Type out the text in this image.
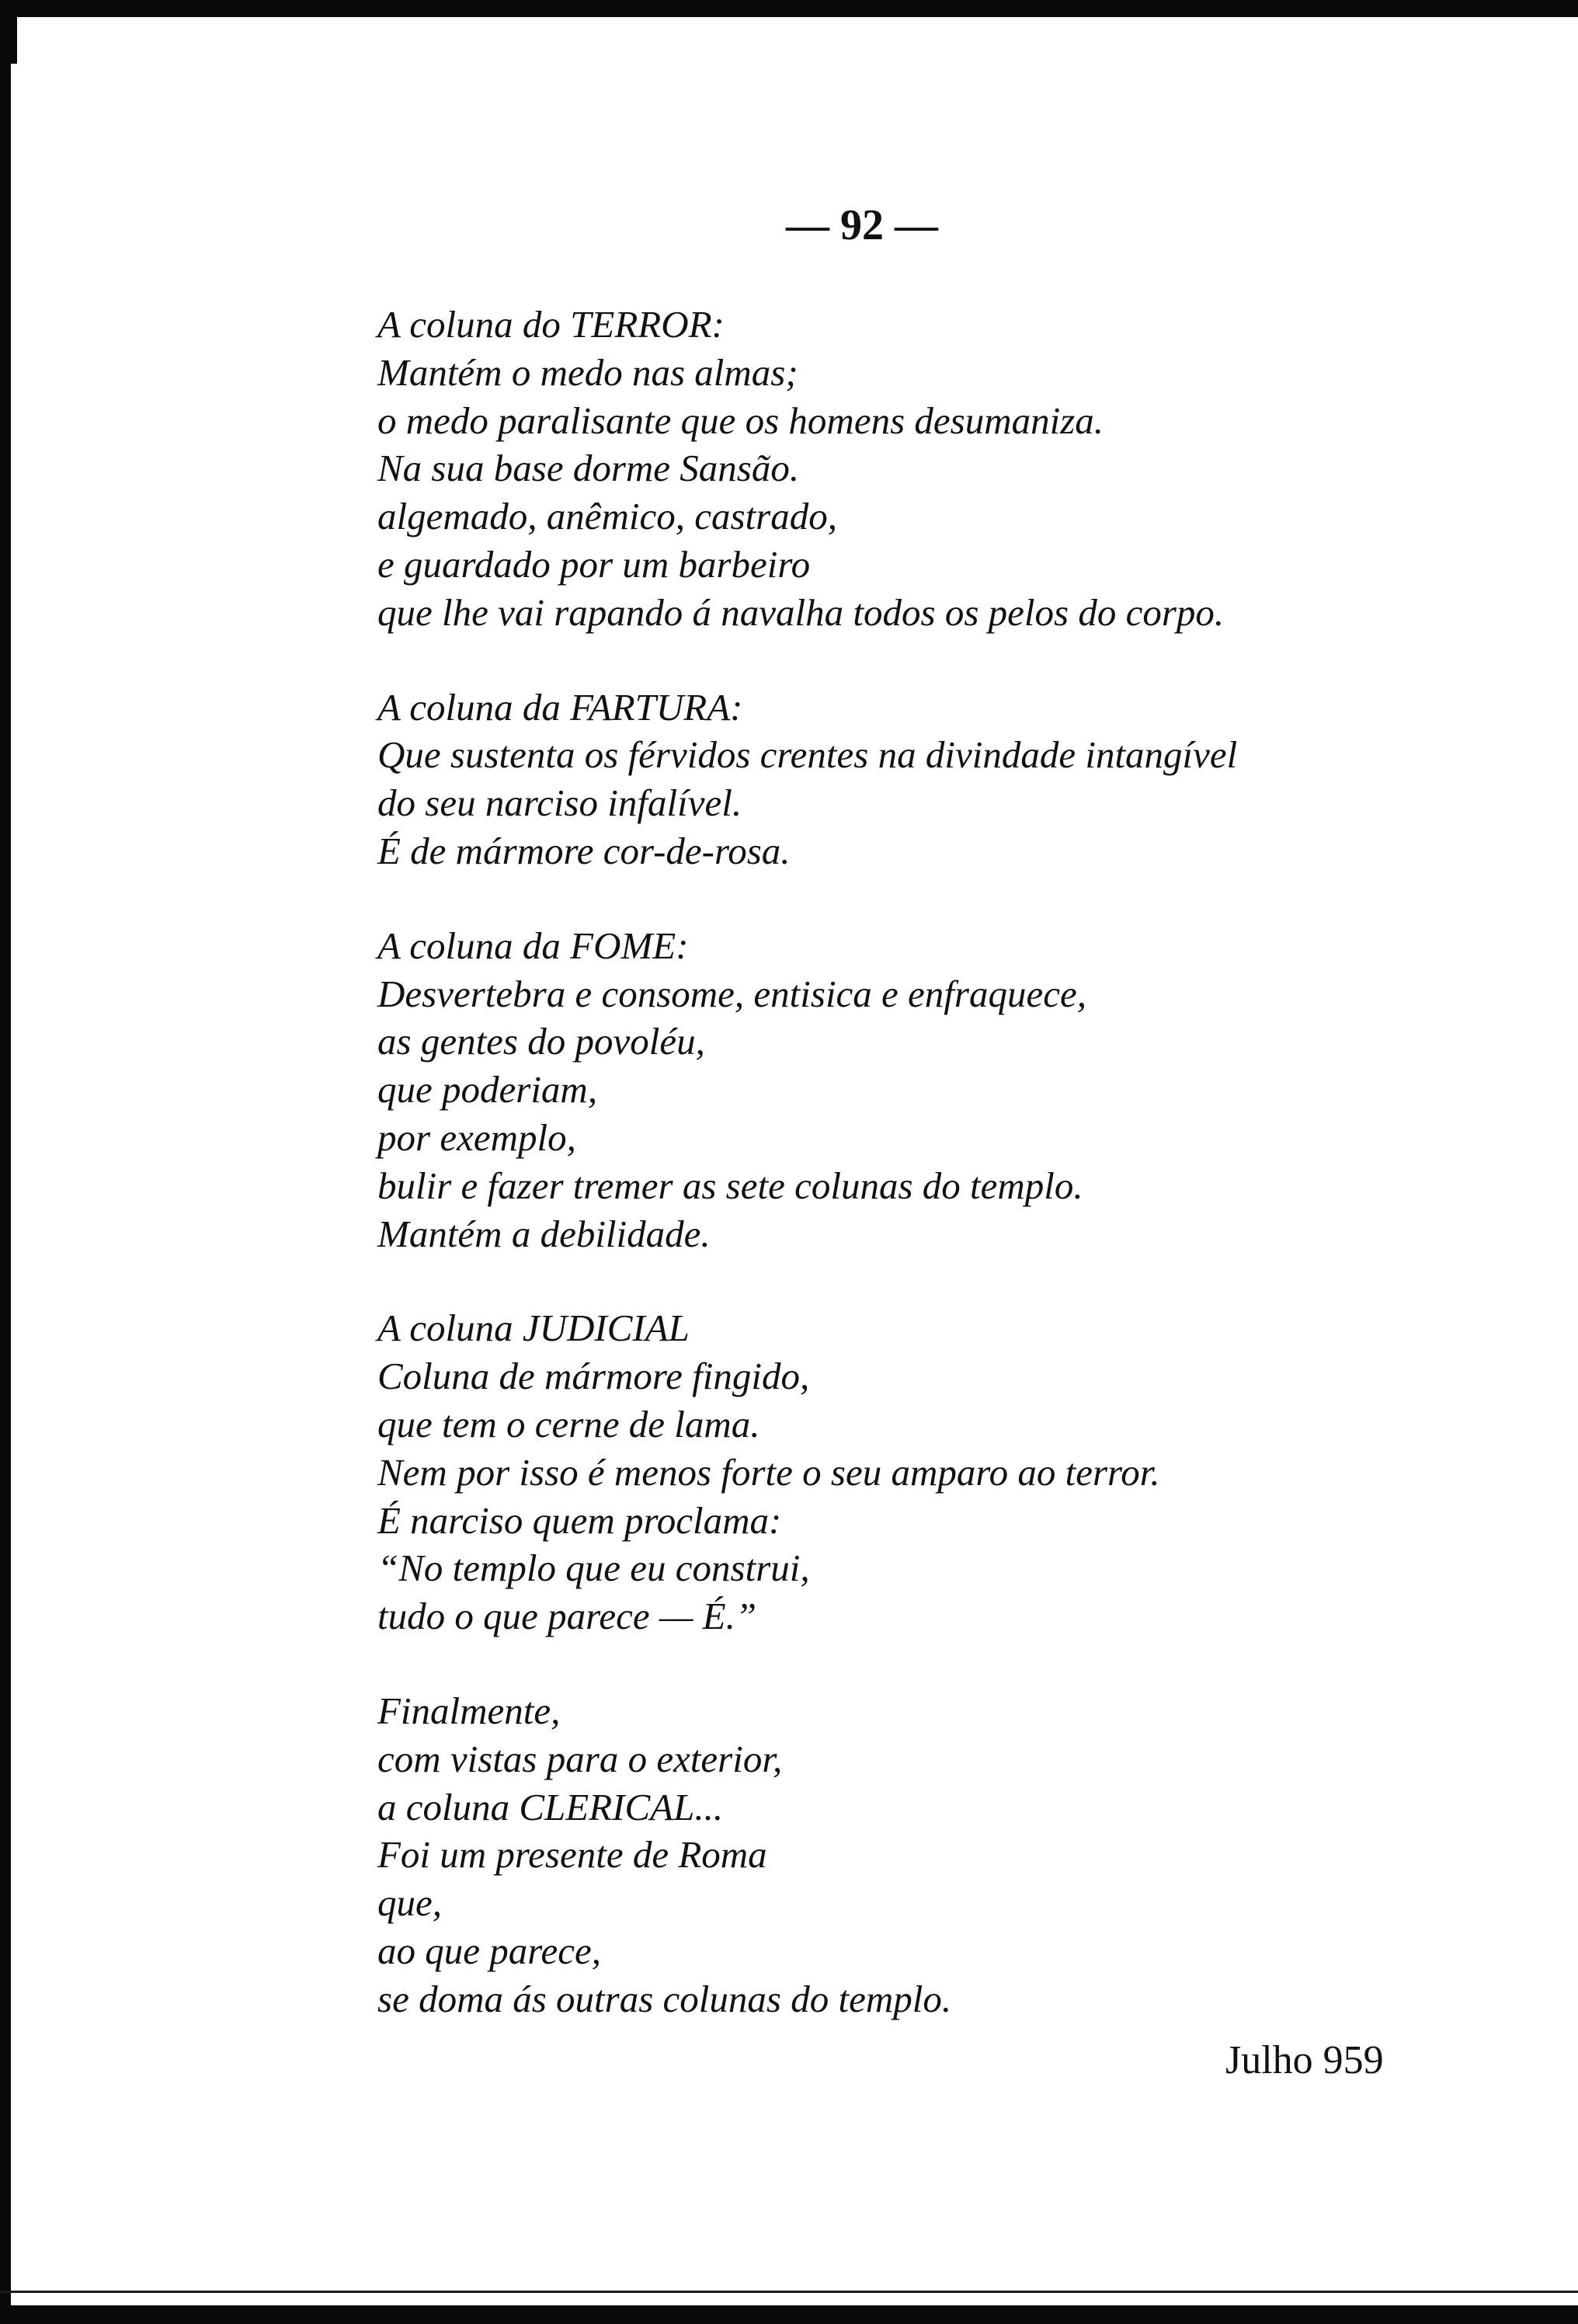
— 92 —
A coluna do TERROR:
Mantém o medo nas almas;
o medo paralisante que os homens desumaniza.
Na sua base dorme Sansão.
algemado, anêmico, castrado,
e guardado por um barbeiro
que lhe vai rapando á navalha todos os pelos do corpo.
A coluna da FARTURA:
Que sustenta os férvidos crentes na divindade intangível
do seu narciso infalível.
É de mármore cor-de-rosa.
A coluna da FOME:
Desvertebra e consome, entisica e enfraquece,
as gentes do povoléu,
que poderiam,
por exemplo,
bulir e fazer tremer as sete colunas do templo.
Mantém a debilidade.
A coluna JUDICIAL
Coluna de mármore fingido,
que tem o cerne de lama.
Nem por isso é menos forte o seu amparo ao terror.
É narciso quem proclama:
“No templo que eu construi,
tudo o que parece — É.”
Finalmente,
com vistas para o exterior,
a coluna CLERICAL...
Foi um presente de Roma
que,
ao que parece,
se doma ás outras colunas do templo.
Julho 959
